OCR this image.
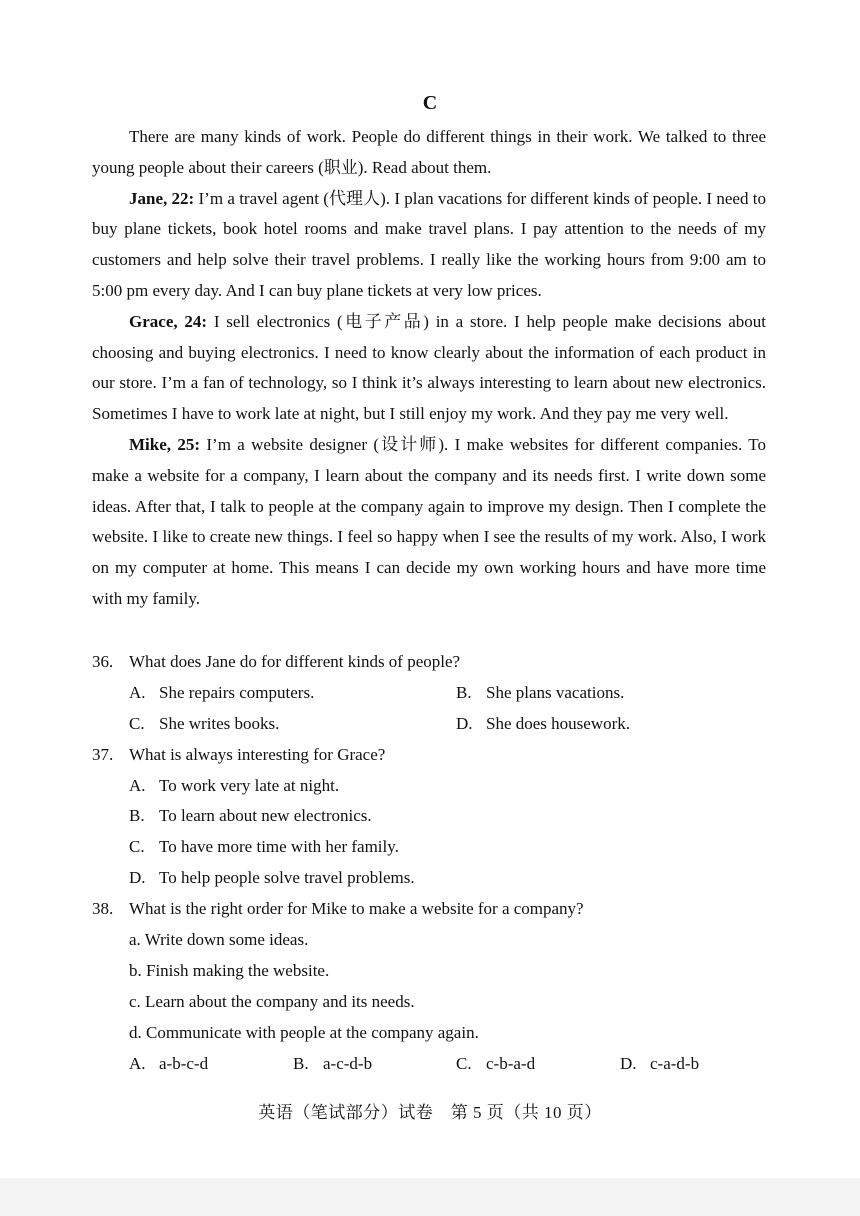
C

There are many kinds of work. People do different things in their work. We talked to three young people about their careers (职业). Read about them.

Jane, 22: I’m a travel agent (代理人). I plan vacations for different kinds of people. I need to buy plane tickets, book hotel rooms and make travel plans. I pay attention to the needs of my customers and help solve their travel problems. I really like the working hours from 9:00 am to 5:00 pm every day. And I can buy plane tickets at very low prices.

Grace, 24: I sell electronics (电子产品) in a store. I help people make decisions about choosing and buying electronics. I need to know clearly about the information of each product in our store. I’m a fan of technology, so I think it’s always interesting to learn about new electronics. Sometimes I have to work late at night, but I still enjoy my work. And they pay me very well.

Mike, 25: I’m a website designer (设计师). I make websites for different companies. To make a website for a company, I learn about the company and its needs first. I write down some ideas. After that, I talk to people at the company again to improve my design. Then I complete the website. I like to create new things. I feel so happy when I see the results of my work. Also, I work on my computer at home. This means I can decide my own working hours and have more time with my family.

36. What does Jane do for different kinds of people?
A. She repairs computers.	B. She plans vacations.
C. She writes books.	D. She does housework.
37. What is always interesting for Grace?
A. To work very late at night.
B. To learn about new electronics.
C. To have more time with her family.
D. To help people solve travel problems.
38. What is the right order for Mike to make a website for a company?
a. Write down some ideas.
b. Finish making the website.
c. Learn about the company and its needs.
d. Communicate with people at the company again.
A. a-b-c-d	B. a-c-d-b	C. c-b-a-d	D. c-a-d-b
英语（笔试部分）试卷　第 5 页（共 10 页）
